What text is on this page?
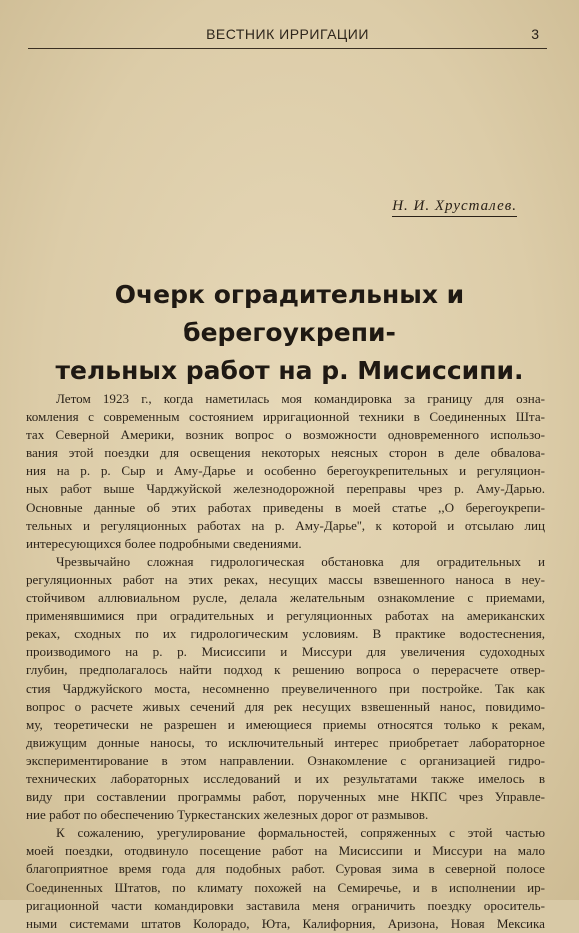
ВЕСТНИК ИРРИГАЦИИ	3
Н. И. Хрусталев.
Очерк оградительных и берегоукрепи-
тельных работ на р. Мисиссипи.

Летом 1923 г., когда наметилась моя командировка за границу для озна-
комления с современным состоянием ирригационной техники в Соединенных Шта-
тах Северной Америки, возник вопрос о возможности одновременного использо-
вания этой поездки для освещения некоторых неясных сторон в деле обвалова-
ния на р. р. Сыр и Аму-Дарье и особенно берегоукрепительных и регуляцион-
ных работ выше Чарджуйской железнодорожной переправы чрез р. Аму-Дарью.
Основные данные об этих работах приведены в моей статье ,,О берегоукрепи-
тельных и регуляционных работах на р. Аму-Дарье'', к которой и отсылаю лиц
интересующихся более подробными сведениями.

Чрезвычайно сложная гидрологическая обстановка для оградительных и
регуляционных работ на этих реках, несущих массы взвешенного наноса в неу-
стойчивом аллювиальном русле, делала желательным ознакомление с приемами,
применявшимися при оградительных и регуляционных работах на американских
реках, сходных по их гидрологическим условиям. В практике водостеснения,
производимого на р. р. Мисиссипи и Миссури для увеличения судоходных
глубин, предполагалось найти подход к решению вопроса о перерасчете отвер-
стия Чарджуйского моста, несомненно преувеличенного при постройке. Так как
вопрос о расчете живых сечений для рек несущих взвешенный нанос, повидимо-
му, теоретически не разрешен и имеющиеся приемы относятся только к рекам,
движущим донные наносы, то исключительный интерес приобретает лабораторное
экспериментирование в этом направлении. Ознакомление с организацией гидро-
технических лабораторных исследований и их результатами также имелось в
виду при составлении программы работ, порученных мне НКПС чрез Управле-
ние работ по обеспечению Туркестанских железных дорог от размывов.

К сожалению, урегулирование формальностей, сопряженных с этой частью
моей поездки, отодвинуло посещение работ на Мисиссипи и Миссури на мало
благоприятное время года для подобных работ. Суровая зима в северной полосе
Соединенных Штатов, по климату похожей на Семиречье, и в исполнении ир-
ригационной части командировки заставила меня ограничить поездку ороситель-
ными системами штатов Колорадо, Юта, Калифорния, Аризона, Новая Мексика
